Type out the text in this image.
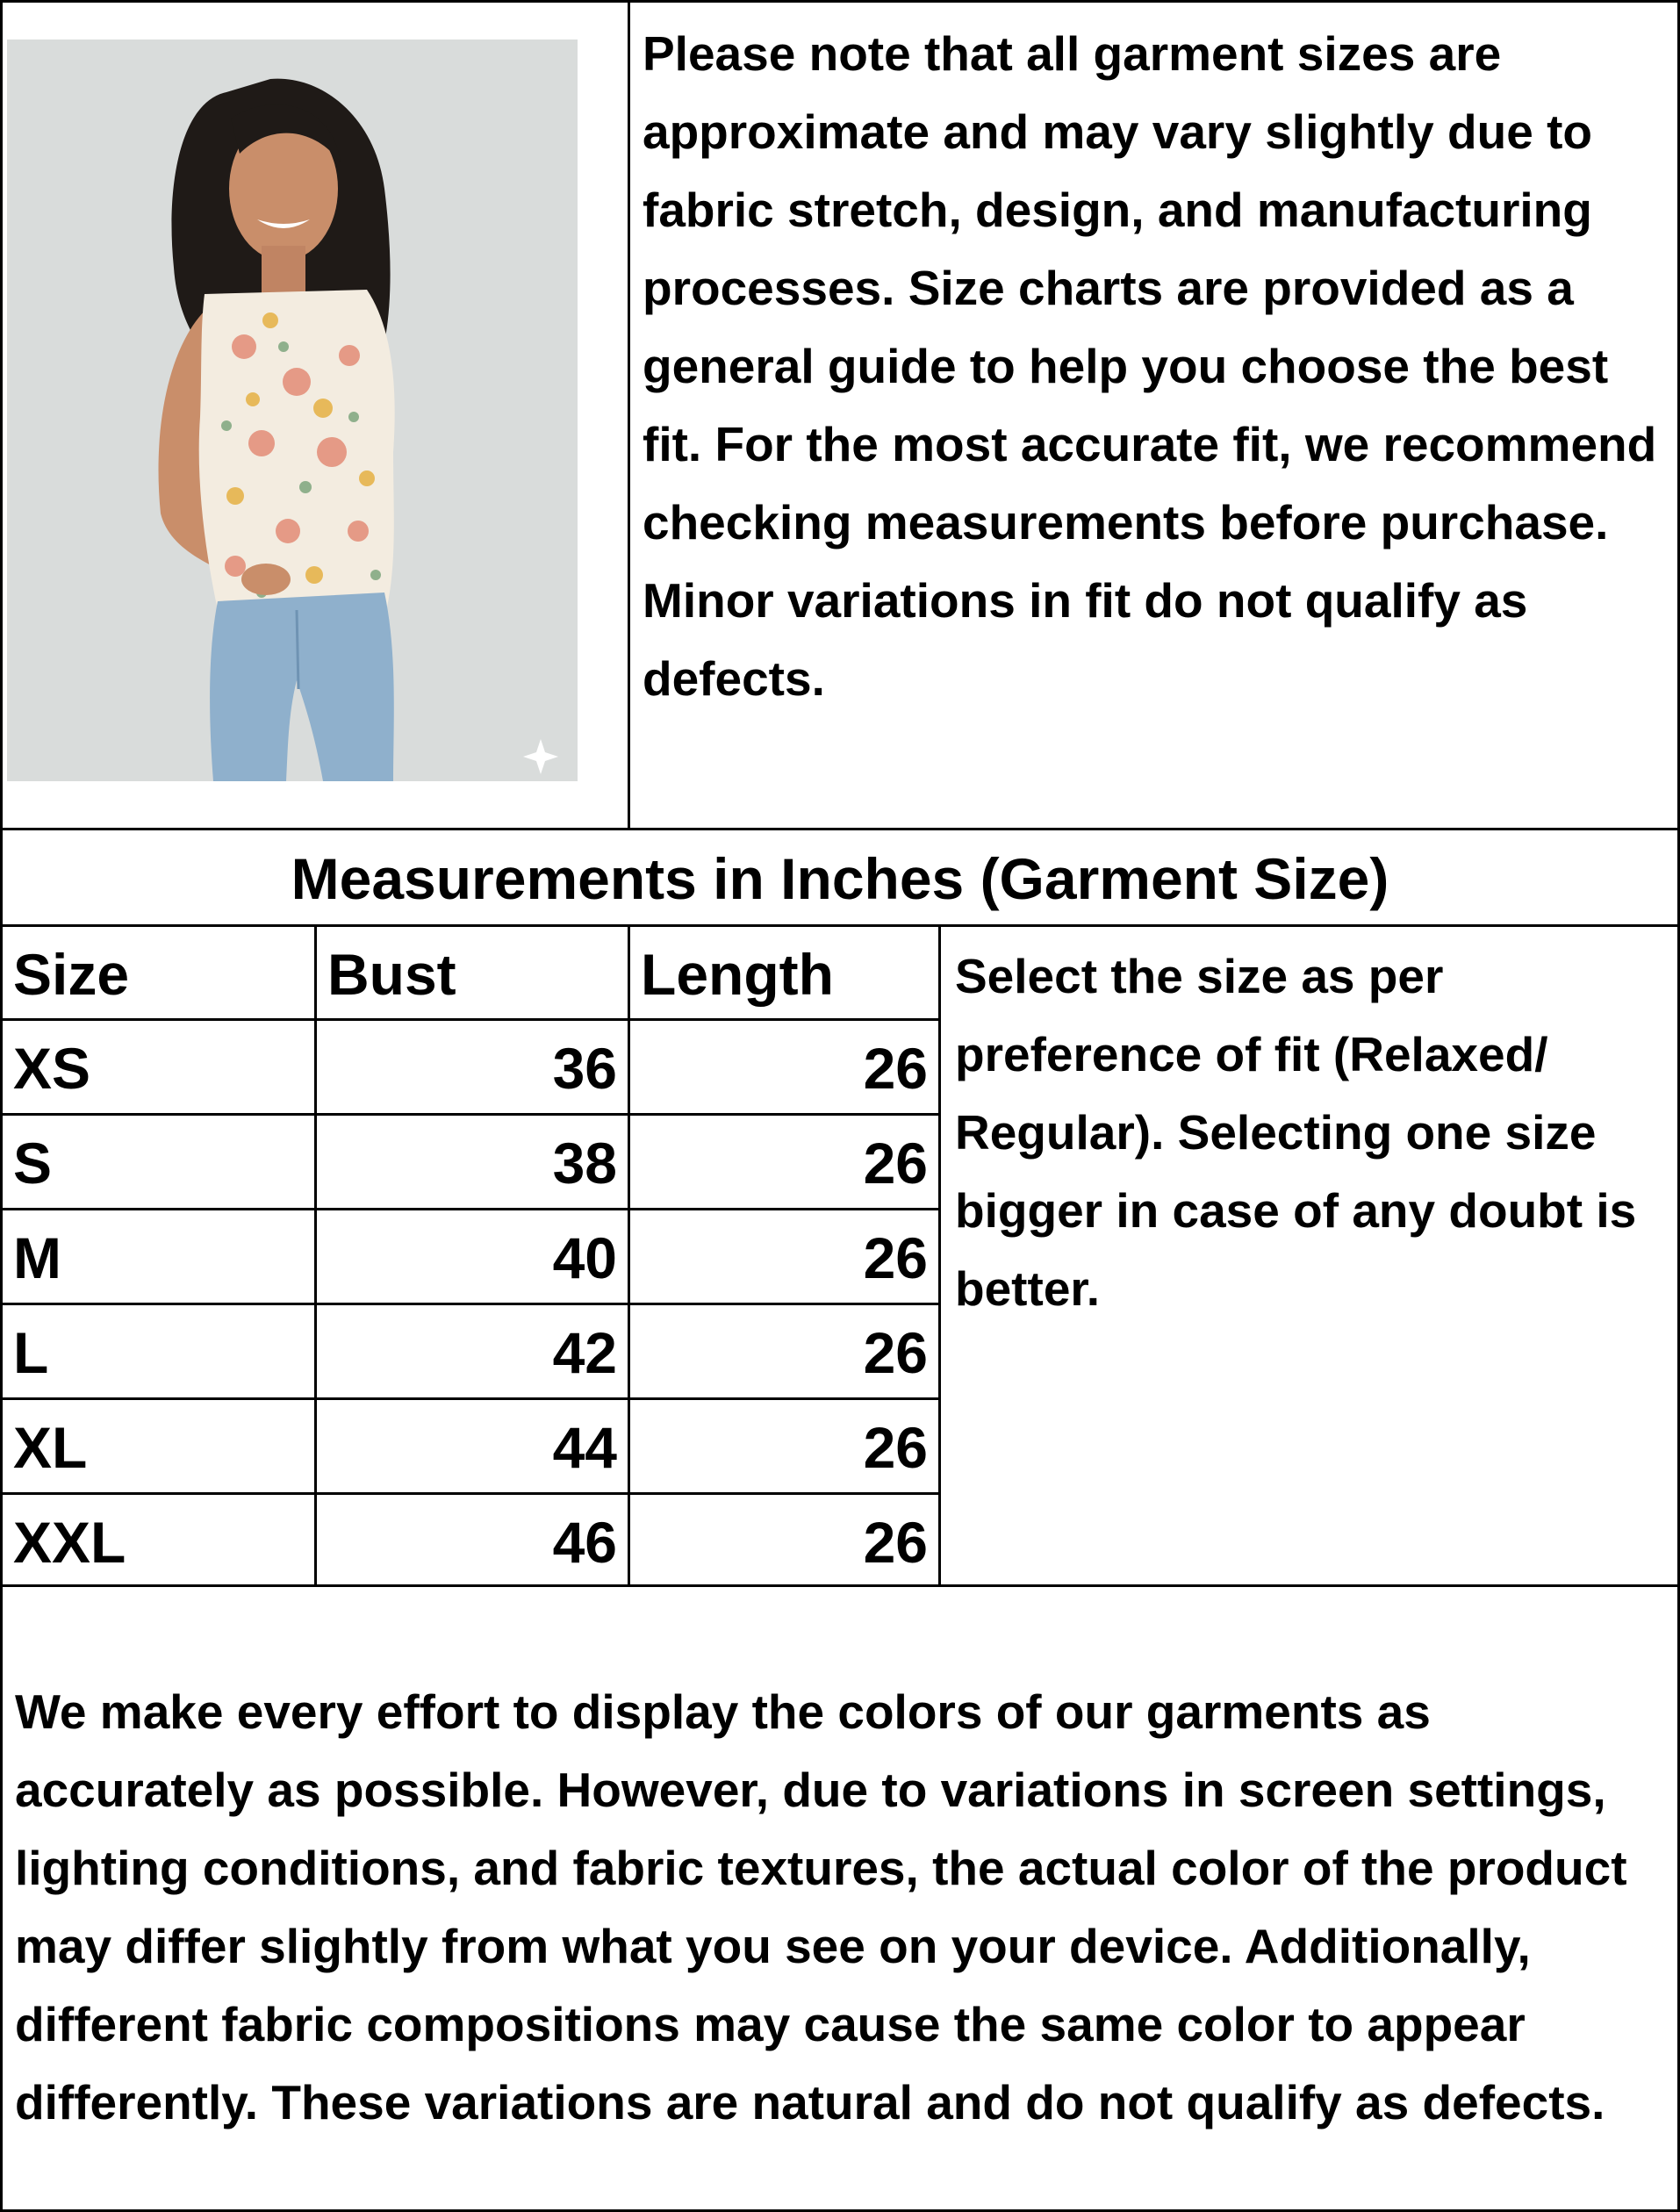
Please note that all garment sizes are approximate and may vary slightly due to fabric stretch, design, and manufacturing processes. Size charts are provided as a general guide to help you choose the best fit. For the most accurate fit, we recommend checking measurements before purchase. Minor variations in fit do not qualify as defects.
Measurements in Inches (Garment Size)
Size	Bust	Length
XS	36	26
S	38	26
M	40	26
L	42	26
XL	44	26
XXL	46	26
Select the size as per preference of fit (Relaxed/ Regular). Selecting one size bigger in case of any doubt is better.
We make every effort to display the colors of our garments as accurately as possible. However, due to variations in screen settings, lighting conditions, and fabric textures, the actual color of the product may differ slightly from what you see on your device. Additionally, different fabric compositions may cause the same color to appear differently. These variations are natural and do not qualify as defects.
